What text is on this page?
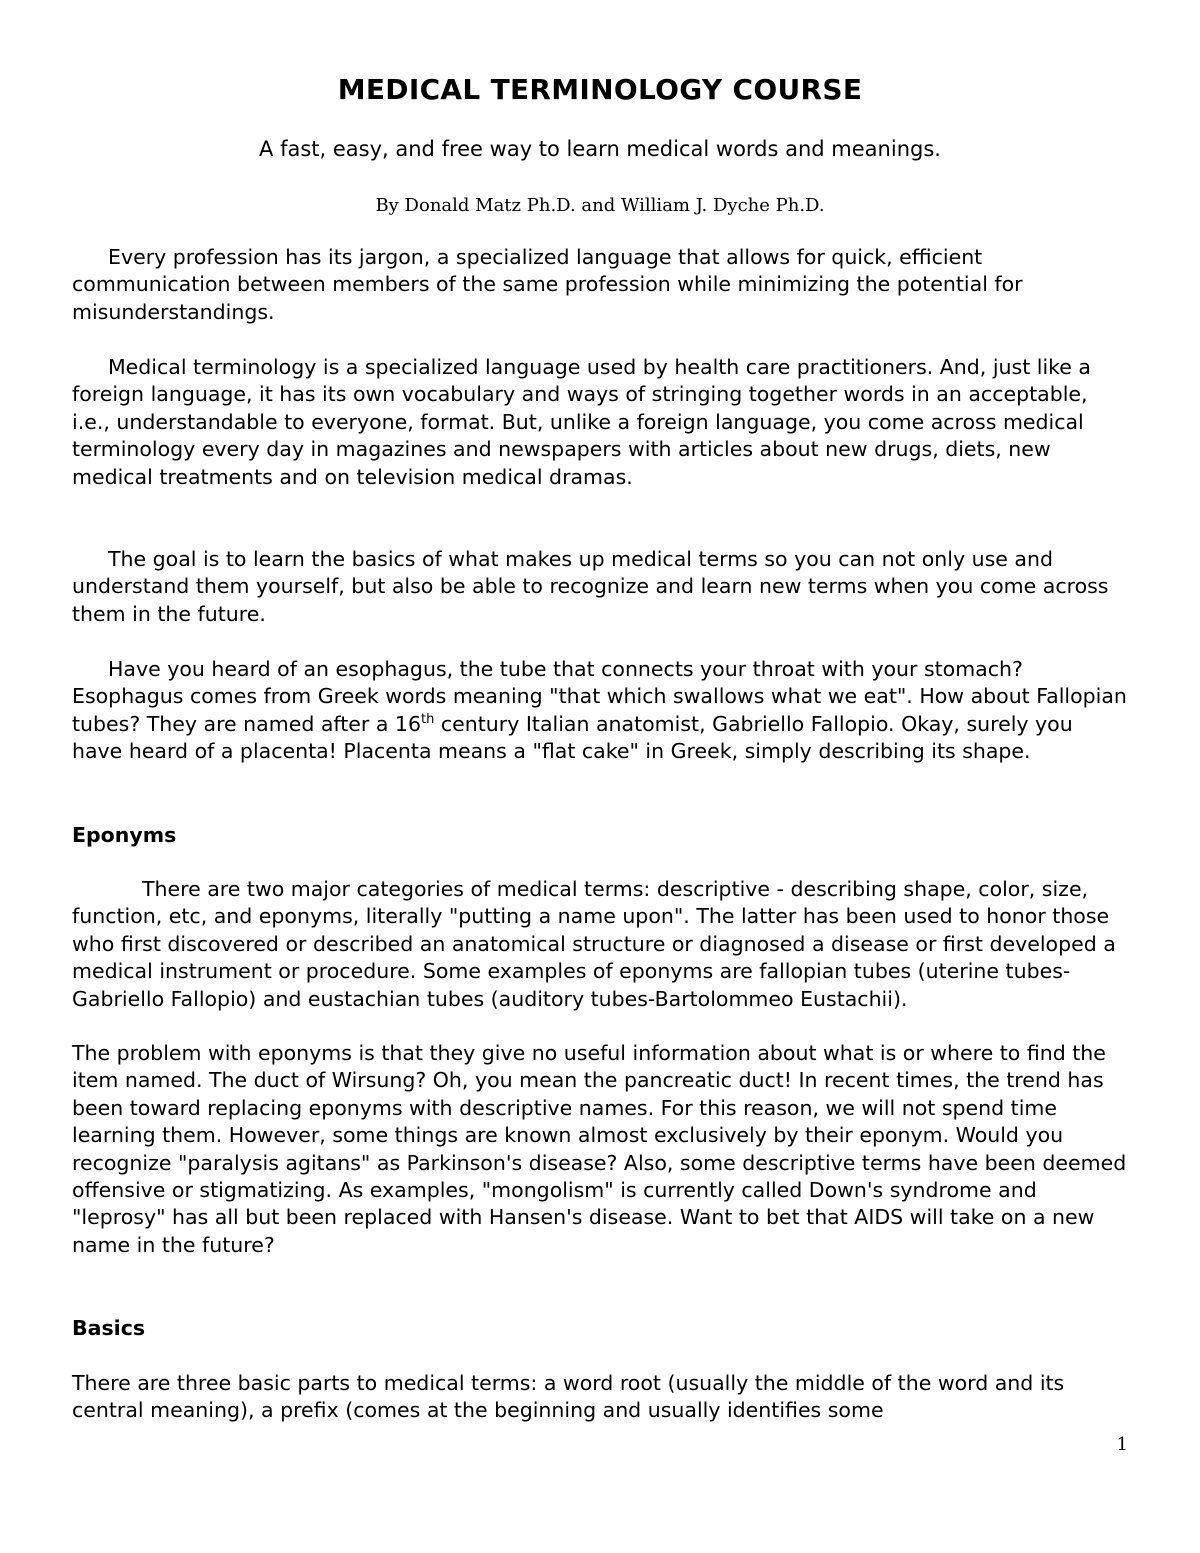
MEDICAL TERMINOLOGY COURSE

A fast, easy, and free way to learn medical words and meanings.

By Donald Matz Ph.D. and William J. Dyche Ph.D.

Every profession has its jargon, a specialized language that allows for quick, efficient communication between members of the same profession while minimizing the potential for misunderstandings.

Medical terminology is a specialized language used by health care practitioners. And, just like a foreign language, it has its own vocabulary and ways of stringing together words in an acceptable, i.e., understandable to everyone, format. But, unlike a foreign language, you come across medical terminology every day in magazines and newspapers with articles about new drugs, diets, new medical treatments and on television medical dramas.

The goal is to learn the basics of what makes up medical terms so you can not only use and understand them yourself, but also be able to recognize and learn new terms when you come across them in the future.

Have you heard of an esophagus, the tube that connects your throat with your stomach? Esophagus comes from Greek words meaning "that which swallows what we eat". How about Fallopian tubes? They are named after a 16th century Italian anatomist, Gabriello Fallopio. Okay, surely you have heard of a placenta! Placenta means a "flat cake" in Greek, simply describing its shape.

Eponyms

There are two major categories of medical terms: descriptive - describing shape, color, size, function, etc, and eponyms, literally "putting a name upon". The latter has been used to honor those who first discovered or described an anatomical structure or diagnosed a disease or first developed a medical instrument or procedure. Some examples of eponyms are fallopian tubes (uterine tubes-Gabriello Fallopio) and eustachian tubes (auditory tubes-Bartolommeo Eustachii).

The problem with eponyms is that they give no useful information about what is or where to find the item named. The duct of Wirsung? Oh, you mean the pancreatic duct! In recent times, the trend has been toward replacing eponyms with descriptive names. For this reason, we will not spend time learning them. However, some things are known almost exclusively by their eponym. Would you recognize "paralysis agitans" as Parkinson's disease? Also, some descriptive terms have been deemed offensive or stigmatizing. As examples, "mongolism" is currently called Down's syndrome and "leprosy" has all but been replaced with Hansen's disease. Want to bet that AIDS will take on a new name in the future?

Basics

There are three basic parts to medical terms: a word root (usually the middle of the word and its central meaning), a prefix (comes at the beginning and usually identifies some

1
